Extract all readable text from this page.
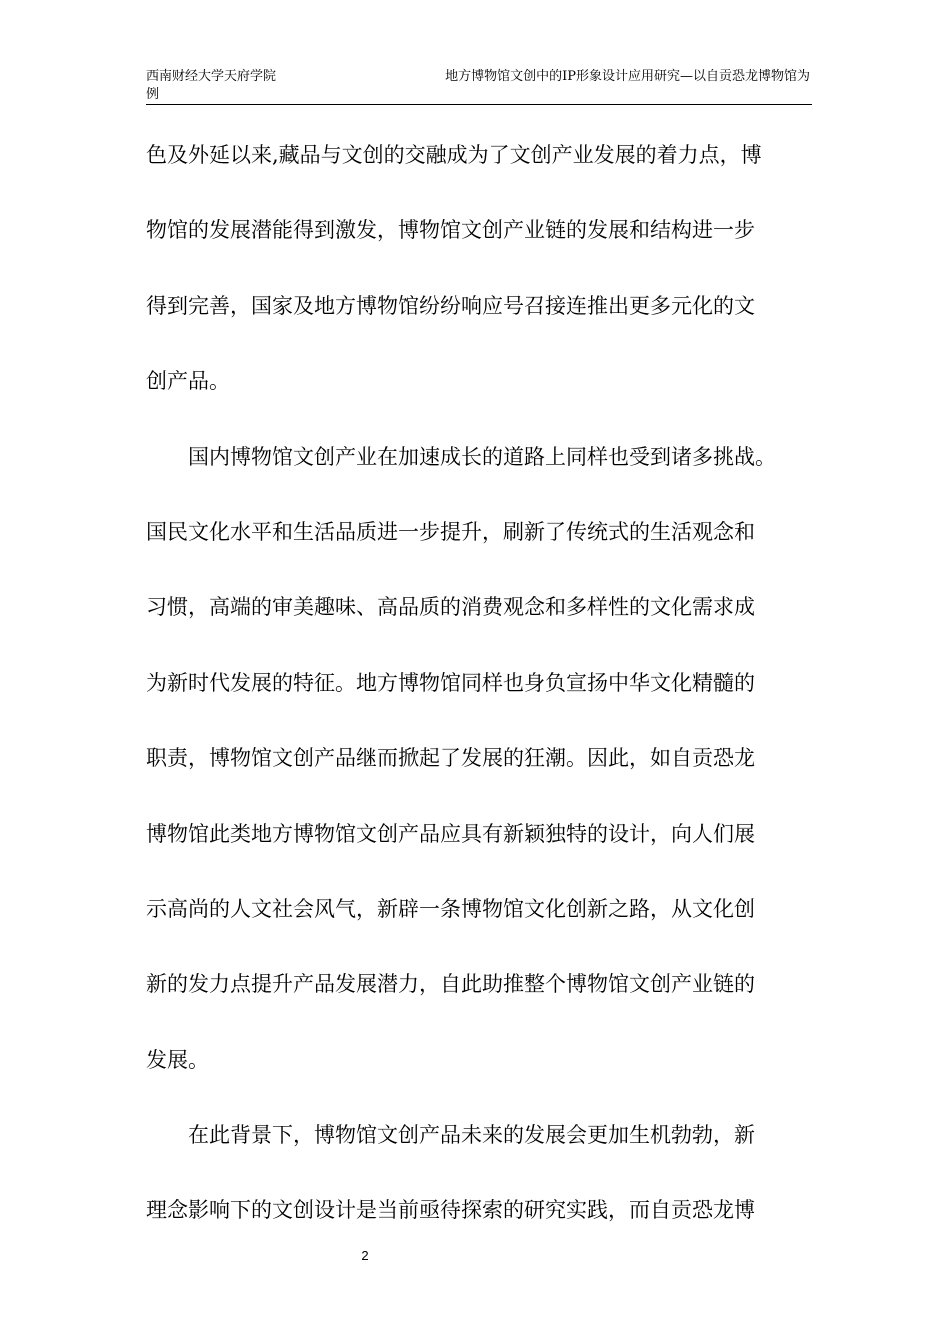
西南财经大学天府学院	地方博物馆文创中的IP形象设计应用研究—以自贡恐龙博物馆为
例
色及外延以来,藏品与文创的交融成为了文创产业发展的着力点，博
物馆的发展潜能得到激发，博物馆文创产业链的发展和结构进一步
得到完善，国家及地方博物馆纷纷响应号召接连推出更多元化的文
创产品。
国内博物馆文创产业在加速成长的道路上同样也受到诸多挑战。
国民文化水平和生活品质进一步提升，刷新了传统式的生活观念和
习惯，高端的审美趣味、高品质的消费观念和多样性的文化需求成
为新时代发展的特征。地方博物馆同样也身负宣扬中华文化精髓的
职责，博物馆文创产品继而掀起了发展的狂潮。因此，如自贡恐龙
博物馆此类地方博物馆文创产品应具有新颖独特的设计，向人们展
示高尚的人文社会风气，新辟一条博物馆文化创新之路，从文化创
新的发力点提升产品发展潜力，自此助推整个博物馆文创产业链的
发展。
在此背景下，博物馆文创产品未来的发展会更加生机勃勃，新
理念影响下的文创设计是当前亟待探索的研究实践，而自贡恐龙博
2
